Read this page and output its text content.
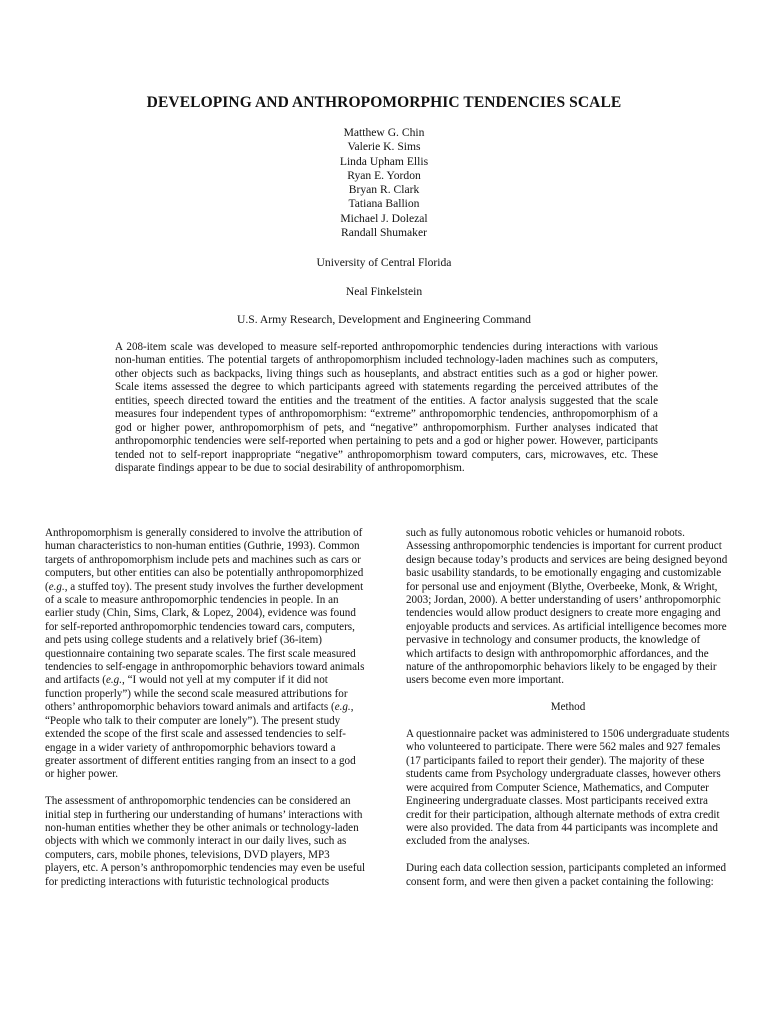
DEVELOPING AND ANTHROPOMORPHIC TENDENCIES SCALE
Matthew G. Chin
Valerie K. Sims
Linda Upham Ellis
Ryan E. Yordon
Bryan R. Clark
Tatiana Ballion
Michael J. Dolezal
Randall Shumaker
University of Central Florida
Neal Finkelstein
U.S. Army Research, Development and Engineering Command

A 208-item scale was developed to measure self-reported anthropomorphic tendencies during interactions with various non-human entities. The potential targets of anthropomorphism included technology-laden machines such as computers, other objects such as backpacks, living things such as houseplants, and abstract entities such as a god or higher power. Scale items assessed the degree to which participants agreed with statements regarding the perceived attributes of the entities, speech directed toward the entities and the treatment of the entities. A factor analysis suggested that the scale measures four independent types of anthropomorphism: “extreme” anthropomorphic tendencies, anthropomorphism of a god or higher power, anthropomorphism of pets, and “negative” anthropomorphism. Further analyses indicated that anthropomorphic tendencies were self-reported when pertaining to pets and a god or higher power. However, participants tended not to self-report inappropriate “negative” anthropomorphism toward computers, cars, microwaves, etc. These disparate findings appear to be due to social desirability of anthropomorphism.

Anthropomorphism is generally considered to involve the attribution of human characteristics to non-human entities (Guthrie, 1993). Common targets of anthropomorphism include pets and machines such as cars or computers, but other entities can also be potentially anthropomorphized (e.g., a stuffed toy). The present study involves the further development of a scale to measure anthropomorphic tendencies in people. In an earlier study (Chin, Sims, Clark, & Lopez, 2004), evidence was found for self-reported anthropomorphic tendencies toward cars, computers, and pets using college students and a relatively brief (36-item) questionnaire containing two separate scales. The first scale measured tendencies to self-engage in anthropomorphic behaviors toward animals and artifacts (e.g., “I would not yell at my computer if it did not function properly”) while the second scale measured attributions for others’ anthropomorphic behaviors toward animals and artifacts (e.g., “People who talk to their computer are lonely”). The present study extended the scope of the first scale and assessed tendencies to self-engage in a wider variety of anthropomorphic behaviors toward a greater assortment of different entities ranging from an insect to a god or higher power.

The assessment of anthropomorphic tendencies can be considered an initial step in furthering our understanding of humans’ interactions with non-human entities whether they be other animals or technology-laden objects with which we commonly interact in our daily lives, such as computers, cars, mobile phones, televisions, DVD players, MP3 players, etc. A person’s anthropomorphic tendencies may even be useful for predicting interactions with futuristic technological products

such as fully autonomous robotic vehicles or humanoid robots. Assessing anthropomorphic tendencies is important for current product design because today’s products and services are being designed beyond basic usability standards, to be emotionally engaging and customizable for personal use and enjoyment (Blythe, Overbeeke, Monk, & Wright, 2003; Jordan, 2000). A better understanding of users’ anthropomorphic tendencies would allow product designers to create more engaging and enjoyable products and services. As artificial intelligence becomes more pervasive in technology and consumer products, the knowledge of which artifacts to design with anthropomorphic affordances, and the nature of the anthropomorphic behaviors likely to be engaged by their users become even more important.

Method

A questionnaire packet was administered to 1506 undergraduate students who volunteered to participate. There were 562 males and 927 females (17 participants failed to report their gender). The majority of these students came from Psychology undergraduate classes, however others were acquired from Computer Science, Mathematics, and Computer Engineering undergraduate classes. Most participants received extra credit for their participation, although alternate methods of extra credit were also provided. The data from 44 participants was incomplete and excluded from the analyses.

During each data collection session, participants completed an informed consent form, and were then given a packet containing the following:
